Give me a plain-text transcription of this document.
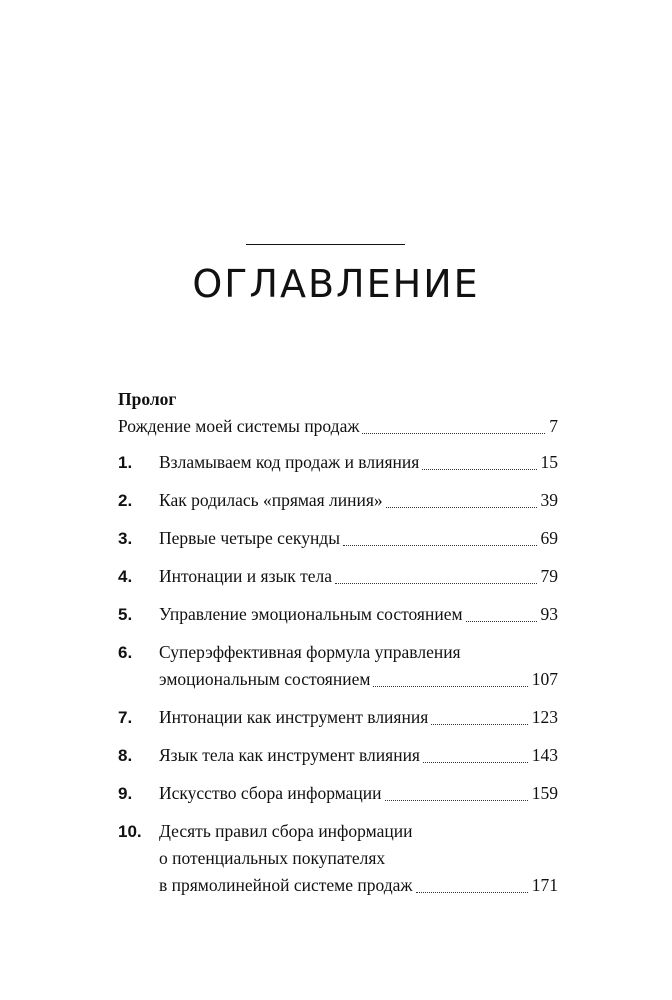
ОГЛАВЛЕНИЕ
Пролог
Рождение моей системы продаж	7
1.	Взламываем код продаж и влияния	15
2.	Как родилась «прямая линия»	39
3.	Первые четыре секунды	69
4.	Интонации и язык тела	79
5.	Управление эмоциональным состоянием	93
6.	Суперэффективная формула управления
эмоциональным состоянием	107
7.	Интонации как инструмент влияния	123
8.	Язык тела как инструмент влияния	143
9.	Искусство сбора информации	159
10. Десять правил сбора информации
о потенциальных покупателях
в прямолинейной системе продаж	171
